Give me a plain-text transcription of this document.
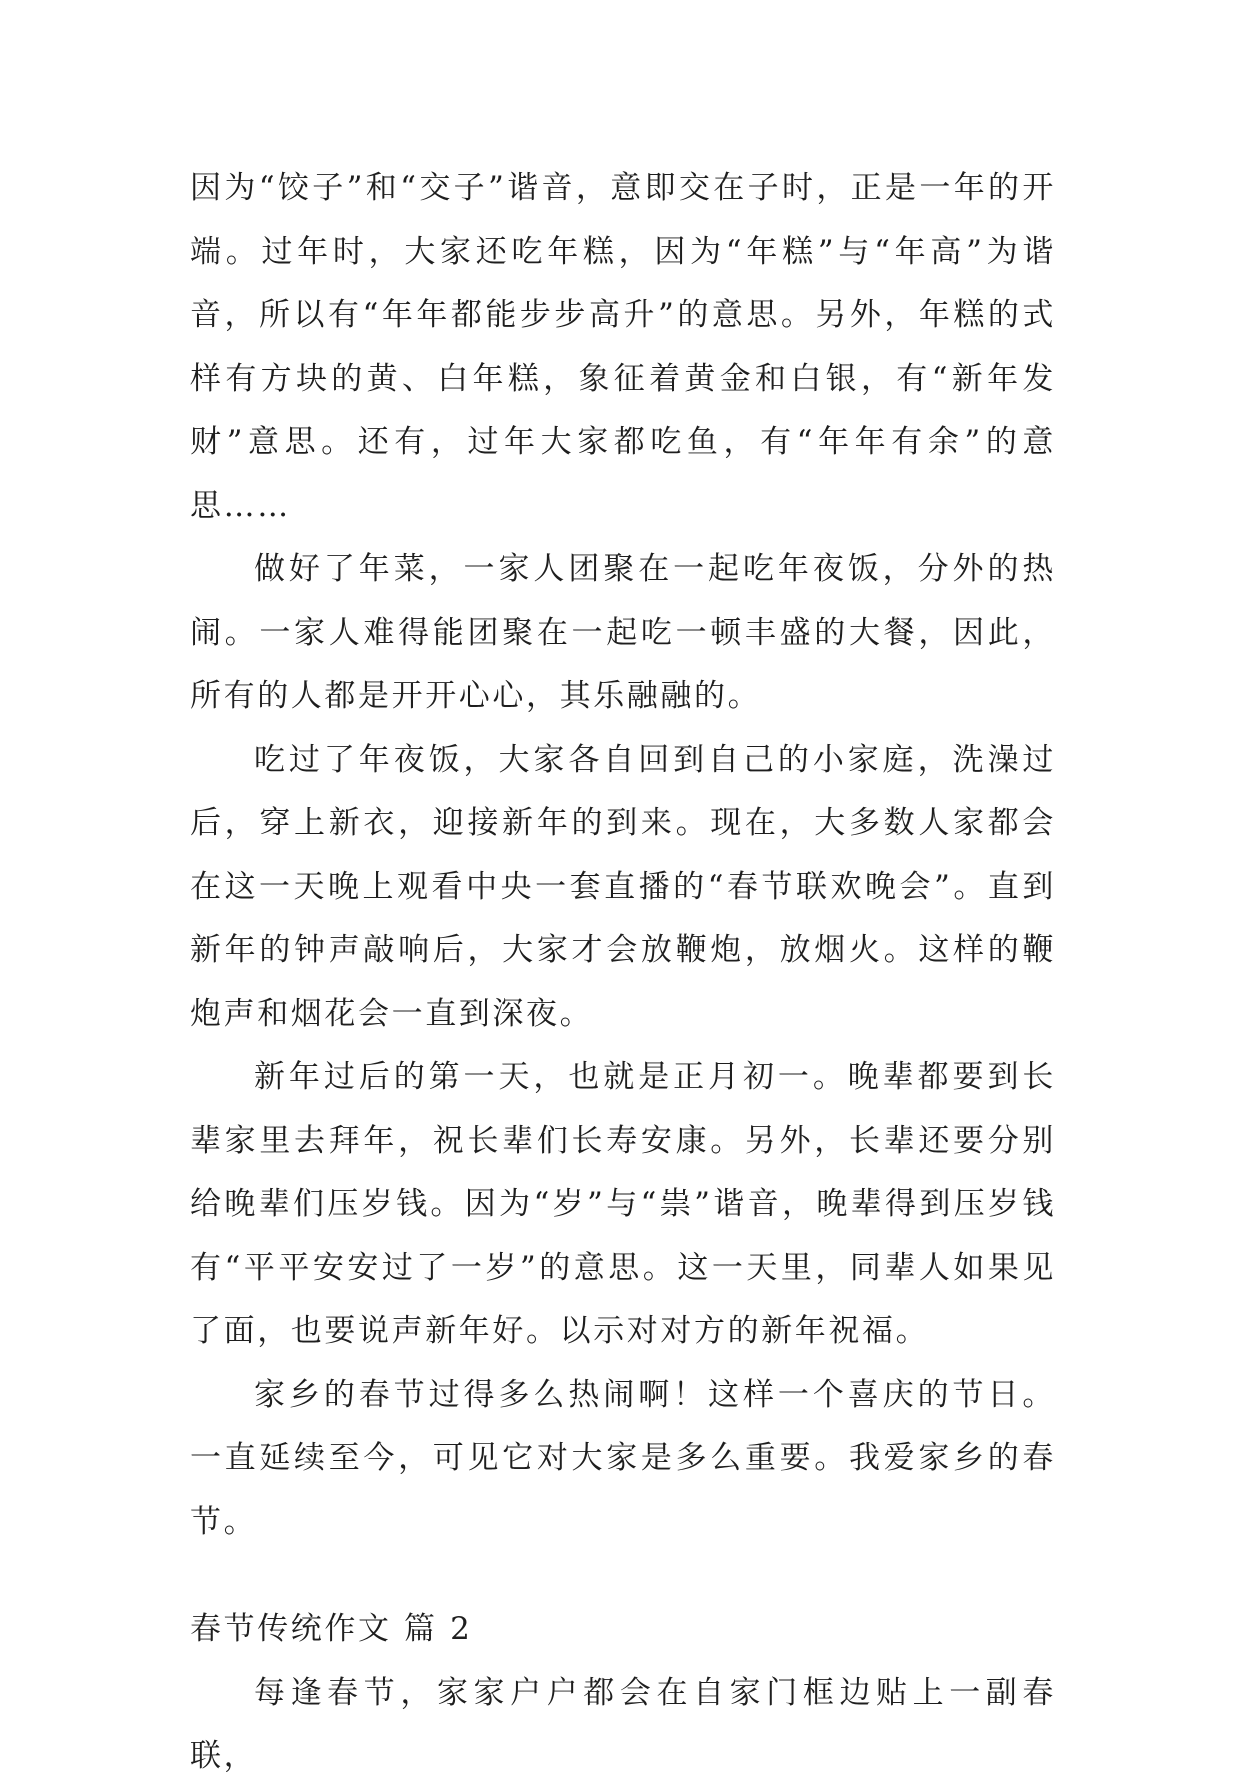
因为“饺子”和“交子”谐音，意即交在子时，正是一年的开端。过年时，大家还吃年糕，因为“年糕”与“年高”为谐音，所以有“年年都能步步高升”的意思。另外，年糕的式样有方块的黄、白年糕，象征着黄金和白银，有“新年发财”意思。还有，过年大家都吃鱼，有“年年有余”的意思……

做好了年菜，一家人团聚在一起吃年夜饭，分外的热闹。一家人难得能团聚在一起吃一顿丰盛的大餐，因此，所有的人都是开开心心，其乐融融的。

吃过了年夜饭，大家各自回到自己的小家庭，洗澡过后，穿上新衣，迎接新年的到来。现在，大多数人家都会在这一天晚上观看中央一套直播的“春节联欢晚会”。直到新年的钟声敲响后，大家才会放鞭炮，放烟火。这样的鞭炮声和烟花会一直到深夜。

新年过后的第一天，也就是正月初一。晚辈都要到长辈家里去拜年，祝长辈们长寿安康。另外，长辈还要分别给晚辈们压岁钱。因为“岁”与“祟”谐音，晚辈得到压岁钱有“平平安安过了一岁”的意思。这一天里，同辈人如果见了面，也要说声新年好。以示对对方的新年祝福。

家乡的春节过得多么热闹啊！这样一个喜庆的节日。一直延续至今，可见它对大家是多么重要。我爱家乡的春节。

春节传统作文 篇 2

每逢春节，家家户户都会在自家门框边贴上一副春联，
